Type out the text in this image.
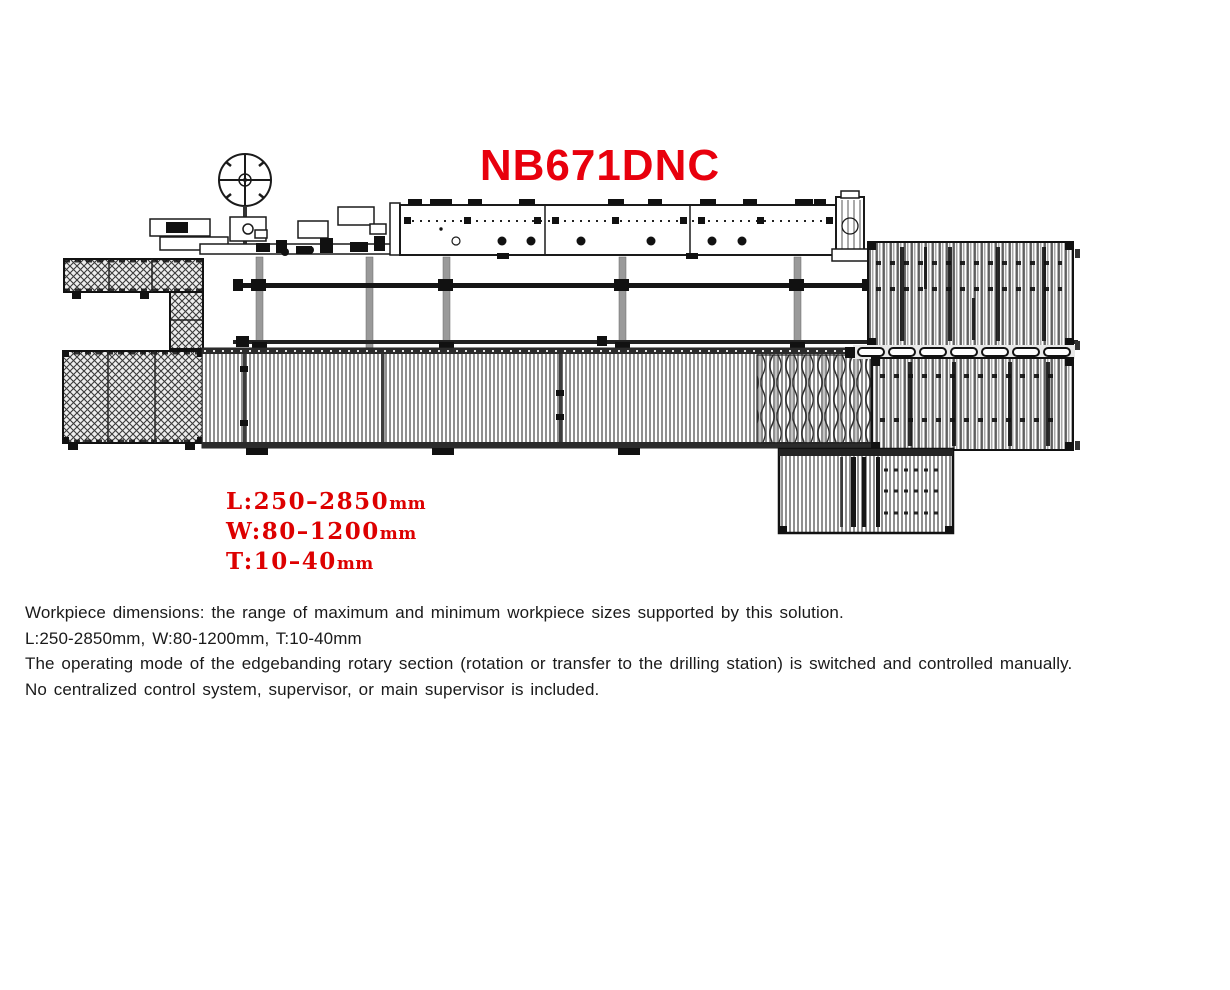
NB671DNC
L:250–2850mm
W:80–1200mm
T:10–40mm
Workpiece dimensions: the range of maximum and minimum workpiece sizes supported by this solution.
L:250-2850mm, W:80-1200mm, T:10-40mm
The operating mode of the edgebanding rotary section (rotation or transfer to the drilling station) is switched and controlled manually.
No centralized control system, supervisor, or main supervisor is included.
